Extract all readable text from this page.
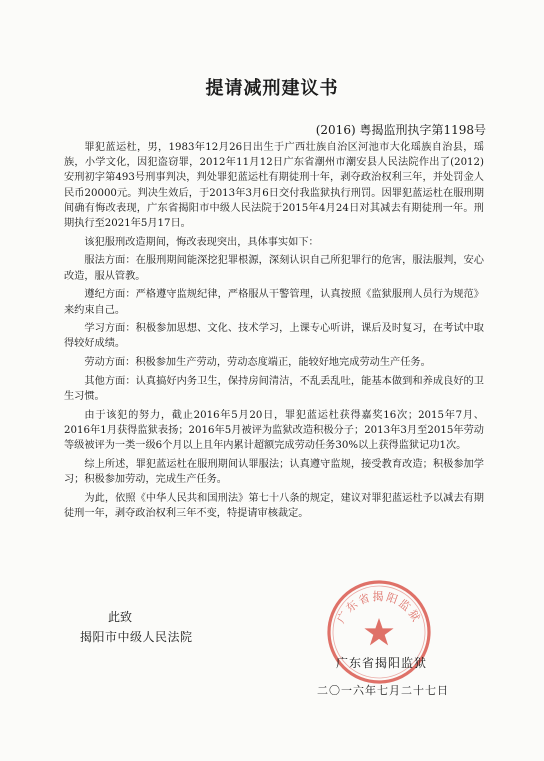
提请减刑建议书
(2016) 粤揭监刑执字第1198号

罪犯蓝运杜，男，1983年12月26日出生于广西壮族自治区河池市大化瑶族自治县，瑶族，小学文化，因犯盗窃罪，2012年11月12日广东省潮州市潮安县人民法院作出了(2012)安刑初字第493号刑事判决，判处罪犯蓝运杜有期徒刑十年，剥夺政治权利三年，并处罚金人民币20000元。判决生效后，于2013年3月6日交付我监狱执行刑罚。因罪犯蓝运杜在服刑期间确有悔改表现，广东省揭阳市中级人民法院于2015年4月24日对其减去有期徒刑一年。刑期执行至2021年5月17日。

该犯服刑改造期间，悔改表现突出，具体事实如下：

服法方面：在服刑期间能深挖犯罪根源，深刻认识自己所犯罪行的危害，服法服判，安心改造，服从管教。

遵纪方面：严格遵守监规纪律，严格服从干警管理，认真按照《监狱服刑人员行为规范》来约束自己。

学习方面：积极参加思想、文化、技术学习，上课专心听讲，课后及时复习，在考试中取得较好成绩。

劳动方面：积极参加生产劳动，劳动态度端正，能较好地完成劳动生产任务。

其他方面：认真搞好内务卫生，保持房间清洁，不乱丢乱吐，能基本做到和养成良好的卫生习惯。

由于该犯的努力，截止2016年5月20日，罪犯蓝运杜获得嘉奖16次；2015年7月、2016年1月获得监狱表扬；2016年5月被评为监狱改造积极分子；2013年3月至2015年劳动等级被评为一类一级6个月以上且年内累计超额完成劳动任务30%以上获得监狱记功1次。

综上所述，罪犯蓝运杜在服刑期间认罪服法；认真遵守监规，接受教育改造；积极参加学习；积极参加劳动，完成生产任务。

为此，依照《中华人民共和国刑法》第七十八条的规定，建议对罪犯蓝运杜予以减去有期徒刑一年，剥夺政治权利三年不变，特提请审核裁定。

此致
揭阳市中级人民法院
广东省揭阳监狱
广东省揭阳监狱
二〇一六年七月二十七日
